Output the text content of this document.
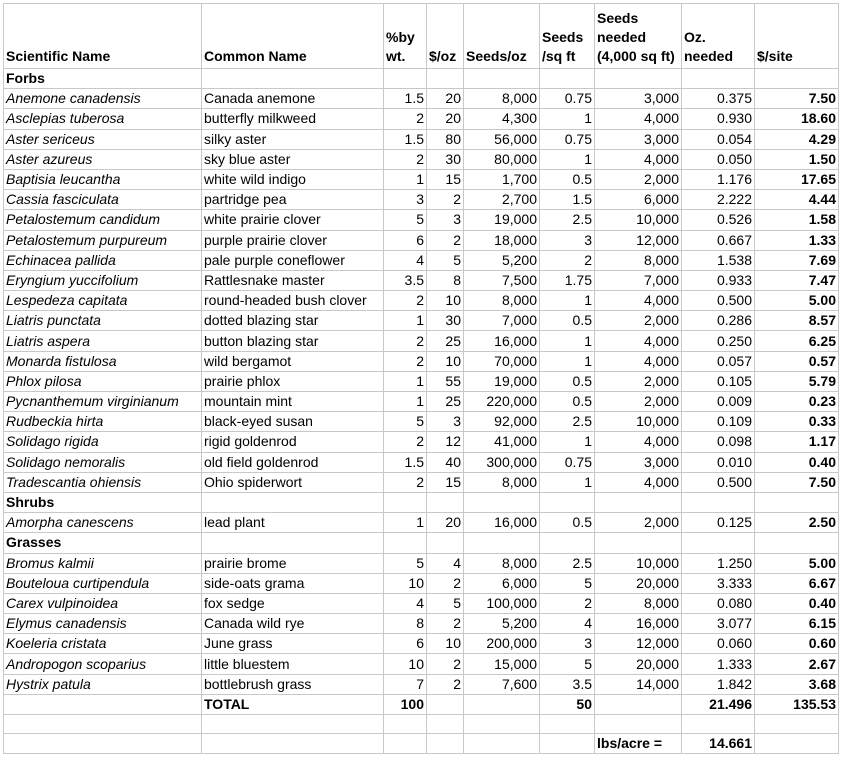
Scientific Name	Common Name	%by wt.	$/oz	Seeds/oz	Seeds /sq ft	Seeds needed (4,000 sq ft)	Oz. needed	$/site
Forbs								
Anemone canadensis	Canada anemone	1.5	20	8,000	0.75	3,000	0.375	7.50
Asclepias tuberosa	butterfly milkweed	2	20	4,300	1	4,000	0.930	18.60
Aster sericeus	silky aster	1.5	80	56,000	0.75	3,000	0.054	4.29
Aster azureus	sky blue aster	2	30	80,000	1	4,000	0.050	1.50
Baptisia leucantha	white wild indigo	1	15	1,700	0.5	2,000	1.176	17.65
Cassia fasciculata	partridge pea	3	2	2,700	1.5	6,000	2.222	4.44
Petalostemum candidum	white prairie clover	5	3	19,000	2.5	10,000	0.526	1.58
Petalostemum purpureum	purple prairie clover	6	2	18,000	3	12,000	0.667	1.33
Echinacea pallida	pale purple coneflower	4	5	5,200	2	8,000	1.538	7.69
Eryngium yuccifolium	Rattlesnake master	3.5	8	7,500	1.75	7,000	0.933	7.47
Lespedeza capitata	round-headed bush clover	2	10	8,000	1	4,000	0.500	5.00
Liatris punctata	dotted blazing star	1	30	7,000	0.5	2,000	0.286	8.57
Liatris aspera	button blazing star	2	25	16,000	1	4,000	0.250	6.25
Monarda fistulosa	wild bergamot	2	10	70,000	1	4,000	0.057	0.57
Phlox pilosa	prairie phlox	1	55	19,000	0.5	2,000	0.105	5.79
Pycnanthemum virginianum	mountain mint	1	25	220,000	0.5	2,000	0.009	0.23
Rudbeckia hirta	black-eyed susan	5	3	92,000	2.5	10,000	0.109	0.33
Solidago rigida	rigid goldenrod	2	12	41,000	1	4,000	0.098	1.17
Solidago nemoralis	old field goldenrod	1.5	40	300,000	0.75	3,000	0.010	0.40
Tradescantia ohiensis	Ohio spiderwort	2	15	8,000	1	4,000	0.500	7.50
Shrubs								
Amorpha canescens	lead plant	1	20	16,000	0.5	2,000	0.125	2.50
Grasses								
Bromus kalmii	prairie brome	5	4	8,000	2.5	10,000	1.250	5.00
Bouteloua curtipendula	side-oats grama	10	2	6,000	5	20,000	3.333	6.67
Carex vulpinoidea	fox sedge	4	5	100,000	2	8,000	0.080	0.40
Elymus canadensis	Canada wild rye	8	2	5,200	4	16,000	3.077	6.15
Koeleria cristata	June grass	6	10	200,000	3	12,000	0.060	0.60
Andropogon scoparius	little bluestem	10	2	15,000	5	20,000	1.333	2.67
Hystrix patula	bottlebrush grass	7	2	7,600	3.5	14,000	1.842	3.68
	TOTAL	100			50		21.496	135.53

						lbs/acre =	14.661	
